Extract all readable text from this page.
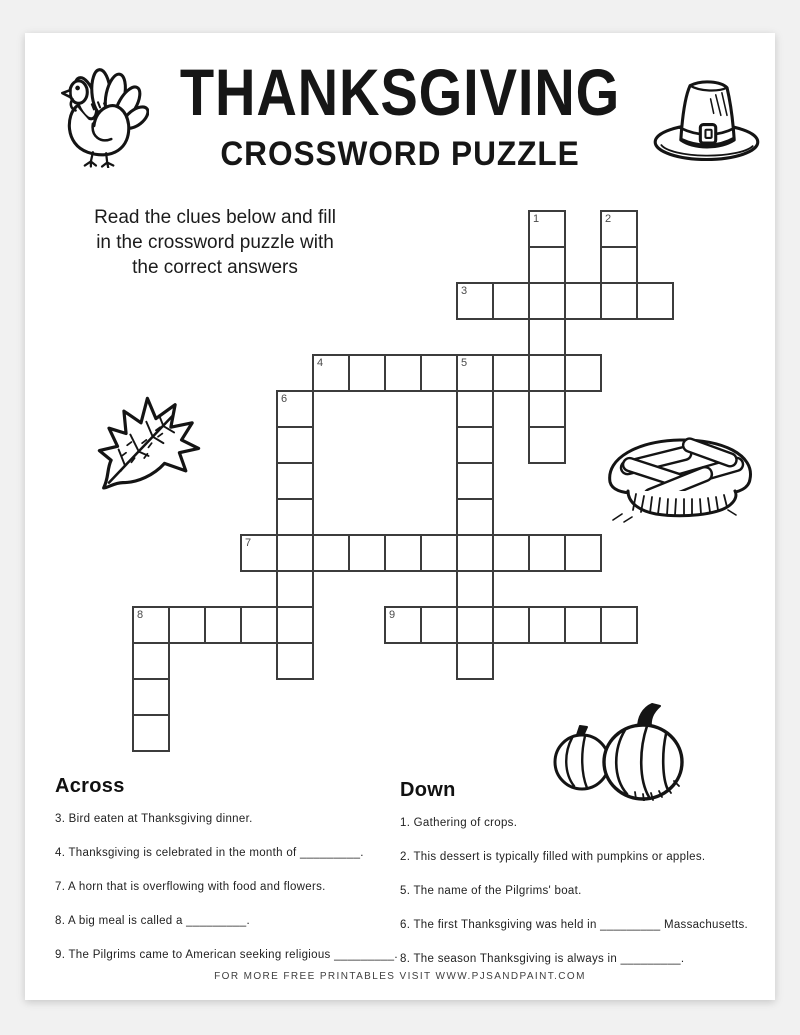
THANKSGIVING
CROSSWORD PUZZLE
Read the clues below and fill
in the crossword puzzle with
the correct answers
1	2
3
4	5
6
7
8	9
Across
3. Bird eaten at Thanksgiving dinner.
4. Thanksgiving is celebrated in the month of _________.
7. A horn that is overflowing with food and flowers.
8. A big meal is called a _________.
9. The Pilgrims came to American seeking religious _________.
Down
1. Gathering of crops.
2. This dessert is typically filled with pumpkins or apples.
5. The name of the Pilgrims' boat.
6. The first Thanksgiving was held in _________ Massachusetts.
8. The season Thanksgiving is always in _________.
FOR MORE FREE PRINTABLES VISIT WWW.PJSANDPAINT.COM
